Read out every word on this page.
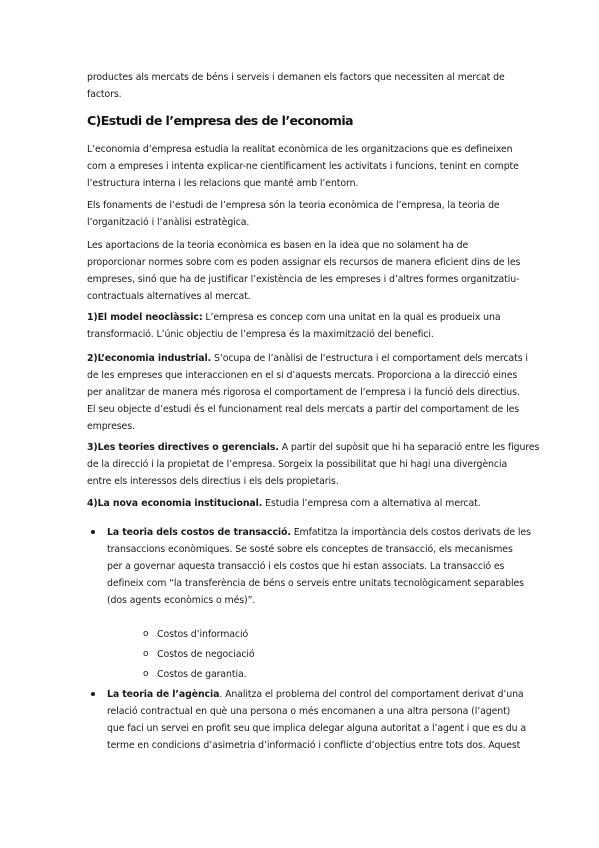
productes als mercats de béns i serveis i demanen els factors que necessiten al mercat de
factors.
C)Estudi de l’empresa des de l’economia
L’economia d’empresa estudia la realitat econòmica de les organitzacions que es defineixen
com a empreses i intenta explicar-ne científicament les activitats i funcions, tenint en compte
l’estructura interna i les relacions que manté amb l’entorn.
Els fonaments de l’estudi de l’empresa són la teoria econòmica de l’empresa, la teoria de
l’organització i l’anàlisi estratègica.
Les aportacions de la teoria econòmica es basen en la idea que no solament ha de
proporcionar normes sobre com es poden assignar els recursos de manera eficient dins de les
empreses, sinó que ha de justificar l’existència de les empreses i d’altres formes organitzatiu-
contractuals alternatives al mercat.
1)El model neoclàssic: L’empresa es concep com una unitat en la qual es produeix una
transformació. L’únic objectiu de l’empresa és la maximització del benefici.
2)L’economia industrial. S’ocupa de l’anàlisi de l’estructura i el comportament dels mercats i
de les empreses que interaccionen en el si d’aquests mercats. Proporciona a la direcció eines
per analitzar de manera més rigorosa el comportament de l’empresa i la funció dels directius.
El seu objecte d’estudi és el funcionament real dels mercats a partir del comportament de les
empreses.
3)Les teories directives o gerencials. A partir del supòsit que hi ha separació entre les figures
de la direcció i la propietat de l’empresa. Sorgeix la possibilitat que hi hagi una divergència
entre els interessos dels directius i els dels propietaris.
4)La nova economia institucional. Estudia l’empresa com a alternativa al mercat.
La teoria dels costos de transacció. Emfatitza la importància dels costos derivats de les
transaccions econòmiques. Se sosté sobre els conceptes de transacció, els mecanismes
per a governar aquesta transacció i els costos que hi estan associats. La transacció es
defineix com “la transferència de béns o serveis entre unitats tecnològicament separables
(dos agents econòmics o més)”.
o Costos d’informació
o Costos de negociació
o Costos de garantia.
La teoria de l’agència. Analitza el problema del control del comportament derivat d’una
relació contractual en què una persona o més encomanen a una altra persona (l’agent)
que faci un servei en profit seu que implica delegar alguna autoritat a l’agent i que es du a
terme en condicions d’asimetria d’informació i conflicte d’objectius entre tots dos. Aquest
